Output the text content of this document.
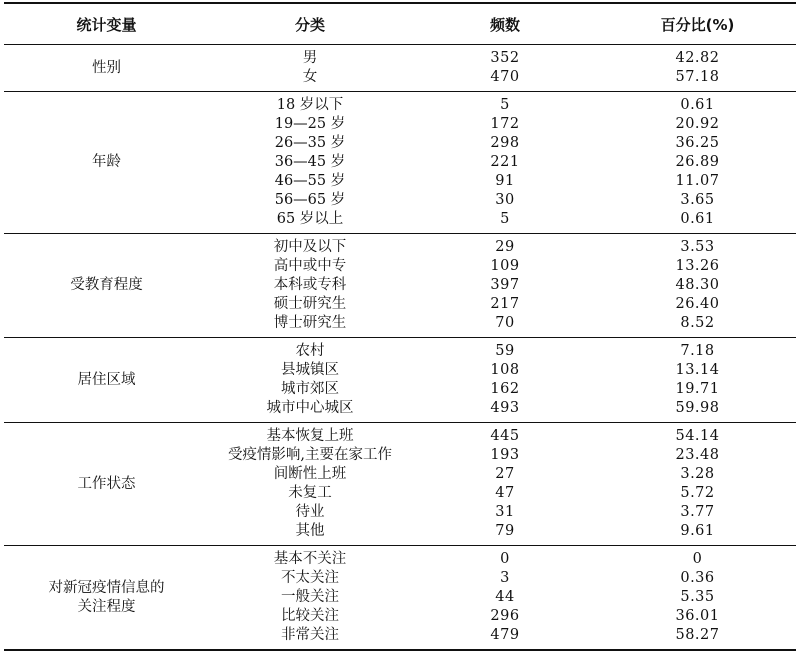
统计变量	分类	频数	百分比(%)
性别	男	352	42.82
	女	470	57.18
年龄	18 岁以下	5	0.61
	19—25 岁	172	20.92
	26—35 岁	298	36.25
	36—45 岁	221	26.89
	46—55 岁	91	11.07
	56—65 岁	30	3.65
	65 岁以上	5	0.61
受教育程度	初中及以下	29	3.53
	高中或中专	109	13.26
	本科或专科	397	48.30
	硕士研究生	217	26.40
	博士研究生	70	8.52
居住区域	农村	59	7.18
	县城镇区	108	13.14
	城市郊区	162	19.71
	城市中心城区	493	59.98
工作状态	基本恢复上班	445	54.14
	受疫情影响,主要在家工作	193	23.48
	间断性上班	27	3.28
	未复工	47	5.72
	待业	31	3.77
	其他	79	9.61
对新冠疫情信息的
关注程度	基本不关注	0	0
	不太关注	3	0.36
	一般关注	44	5.35
	比较关注	296	36.01
	非常关注	479	58.27
